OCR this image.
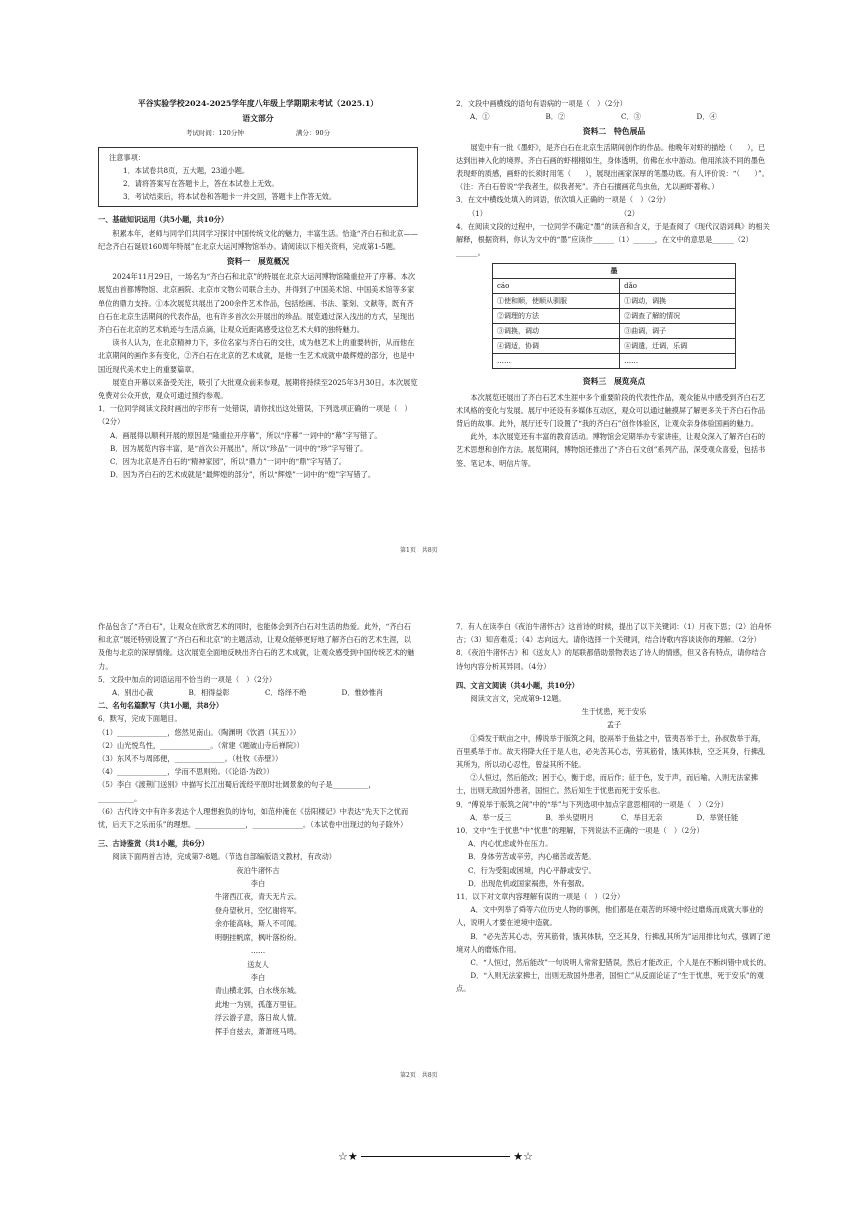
平谷实验学校2024-2025学年度八年级上学期期末考试（2025.1）

语文部分

考试时间：120分钟　　　　　　　　满分：90分

注意事项：

1．本试卷共8页，五大题，23道小题。

2．请将答案写在答题卡上，答在本试卷上无效。

3．考试结束后，将本试卷和答题卡一并交回，答题卡上作答无效。

一、基础知识运用（共5小题，共10分）

积累本年，老师与同学们共同学习探讨中国传统文化的魅力，丰富生活。恰逢“齐白石和北京——纪念齐白石诞辰160周年特展”在北京大运河博物馆举办。请阅读以下相关资料，完成第1-5题。

资料一　展览概况

2024年11月29日，一场名为“齐白石和北京”的特展在北京大运河博物馆隆重拉开了序幕。本次展览由首都博物馆、北京画院、北京市文物公司联合主办，并得到了中国美术馆、中国美术馆等多家单位的鼎力支持。①本次展览共展出了200余件艺术作品，包括绘画、书法、篆刻、文献等，既有齐白石在北京生活期间的代表作品，也有许多首次公开展出的珍品。展览通过深入浅出的方式，呈现出齐白石在北京的艺术轨迹与生活点滴，让观众近距离感受这位艺术大师的独特魅力。

读书人认为，在北京精神力下，多位名家与齐白石的交往，成为他艺术上的重要转折，从而他在北京期间的画作多有变化，②齐白石在北京的艺术成就，是他一生艺术成就中最辉煌的部分，也是中国近现代美术史上的重要篇章。

展览自开幕以来备受关注，吸引了大批观众前来参观，展期将持续至2025年3月30日。本次展览免费对公众开放，观众可通过预约参观。

1．一位同学阅读文段时画出的字形有一处错误，请你找出这处错误，下列选项正确的一项是（　）（2分）

A．画展得以顺利开展的原因是“隆重拉开序幕”，所以“序幕”一词中的“幕”字写错了。

B．因为展览内容丰富，是“首次公开展出”，所以“珍品”一词中的“珍”字写错了。

C．因为北京是齐白石的“精神家园”，所以“鼎力”一词中的“鼎”字写错了。

D．因为齐白石的艺术成就是“最辉煌的部分”，所以“辉煌”一词中的“煌”字写错了。

2．文段中画横线的语句有语病的一项是（　）（2分）

A．①	B．②	C．③	D．④

资料二　特色展品

展览中有一批《墨虾》，是齐白石在北京生活期间创作的作品。他晚年对虾的描绘（　　），已达到出神入化的境界。齐白石画的虾栩栩如生，身体透明，仿佛在水中游动。他用浓淡不同的墨色表现虾的质感，画虾的长须时用笔（　　），展现出画家深厚的笔墨功底。有人评价说：“（　　）”。（注：齐白石曾说“学我者生，似我者死”。齐白石擅画花鸟虫鱼，尤以画虾著称。）

3．在文中横线处填入的词语，依次填入正确的一项是（　）（2分）

（1）	（2）

4．在阅读文段的过程中，一位同学不确定“墨”的读音和含义，于是查阅了《现代汉语词典》的相关解释，根据资料，你认为文中的“墨”应读作______（1）______，在文中的意思是______（2）______。

墨	
cáo	dǎo
①使和顺，使顺从驯服	①调动，调换
②调理的方法	②调查了解的情况
③调换，调动	③曲调，调子
④调适，协调	④调遣，迁调，乐调
……	……

资料三　展览亮点

本次展览还展出了齐白石艺术生涯中多个重要阶段的代表性作品，观众能从中感受到齐白石艺术风格的变化与发展。展厅中还设有多媒体互动区，观众可以通过触摸屏了解更多关于齐白石作品背后的故事。此外，展厅还专门设置了“我的齐白石”创作体验区，让观众亲身体验国画的魅力。

此外，本次展览还有丰富的教育活动。博物馆会定期举办专家讲座，让观众深入了解齐白石的艺术思想和创作方法。展览期间，博物馆还推出了“齐白石文创”系列产品，深受观众喜爱，包括书签、笔记本、明信片等。

第1页　共8页

作品包含了“齐白石”，让观众在欣赏艺术的同时，也能体会到齐白石对生活的热爱。此外，“齐白石和北京”展还特别设置了“齐白石和北京”的主题活动，让观众能够更好地了解齐白石的艺术生涯，以及他与北京的深厚情缘。这次展览全面地反映出齐白石的艺术成就，让观众感受到中国传统艺术的魅力。

5．文段中加点的词语运用不恰当的一项是（　）（2分）

A．别出心裁	B．相得益彰	C．络绎不绝	D．惟妙惟肖

二、名句名篇默写（共1小题，共8分）

6．默写，完成下面题目。

（1）______________，悠然见南山。（陶渊明《饮酒（其五）》）

（2）山光悦鸟性，______________。（常建《题破山寺后禅院》）

（3）东风不与周郎便，______________。（杜牧《赤壁》）

（4）______________，学而不思则殆。（《论语·为政》）

（5）李白《渡荆门送别》中描写长江出蜀后流经平原时壮阔景象的句子是__________，__________。

（6）古代诗文中有许多表达个人理想抱负的诗句，如范仲淹在《岳阳楼记》中表达“先天下之忧而忧，后天下之乐而乐”的理想。______________，______________。（本试卷中出现过的句子除外）

三、古诗鉴赏（共1小题，共6分）

阅读下面两首古诗，完成第7-8题。（节选自部编版语文教材，有改动）

夜泊牛渚怀古

李白

牛渚西江夜，青天无片云。

登舟望秋月，空忆谢将军。

余亦能高咏，斯人不可闻。

明朝挂帆席，枫叶落纷纷。

……

送友人

李白

青山横北郭，白水绕东城。

此地一为别，孤蓬万里征。

浮云游子意，落日故人情。

挥手自兹去，萧萧班马鸣。

7．有人在读李白《夜泊牛渚怀古》这首诗的时候，提出了以下关键词：（1）月夜下思；（2）泊舟怀古；（3）知音难觅；（4）志向远大。请你选择一个关键词，结合诗歌内容谈谈你的理解。（2分）

8．《夜泊牛渚怀古》和《送友人》的尾联都借助景物表达了诗人的情感，但又各有特点，请你结合诗句内容分析其异同。（4分）

四、文言文阅读（共4小题，共10分）

阅读文言文，完成第9-12题。

生于忧患，死于安乐

孟子

①舜发于畎亩之中，傅说举于版筑之间，胶鬲举于鱼盐之中，管夷吾举于士，孙叔敖举于海，百里奚举于市。故天将降大任于是人也，必先苦其心志，劳其筋骨，饿其体肤，空乏其身，行拂乱其所为，所以动心忍性，曾益其所不能。

②人恒过，然后能改；困于心，衡于虑，而后作；征于色，发于声，而后喻。入则无法家拂士，出则无敌国外患者，国恒亡。然后知生于忧患而死于安乐也。

9．“傅说举于版筑之间”中的“举”与下列选项中加点字意思相同的一项是（　）（2分）

A．举一反三	B．举头望明月	C．举目无亲	D．举贤任能

10．文中“生于忧患”中“忧患”的理解，下列说法不正确的一项是（　）（2分）

A．内心忧虑或外在压力。

B．身体劳苦或辛劳，内心痛苦或苦楚。

C．行为受阻或困境，内心平静或安宁。

D．出现危机或国家祸患，外有强敌。

11．以下对文章内容理解有误的一项是（　）（2分）

A．文中列举了舜等六位历史人物的事例，他们都是在艰苦的环境中经过磨炼而成就大事业的人，说明人才要在逆境中造就。

B．“必先苦其心志，劳其筋骨，饿其体肤，空乏其身，行拂乱其所为”运用排比句式，强调了逆境对人的磨炼作用。

C．“人恒过，然后能改”一句说明人常常犯错误，然后才能改正，个人是在不断纠错中成长的。

D．“入则无法家拂士，出则无敌国外患者，国恒亡”从反面论证了“生于忧患，死于安乐”的观点。

第2页　共8页
☆★	★☆
